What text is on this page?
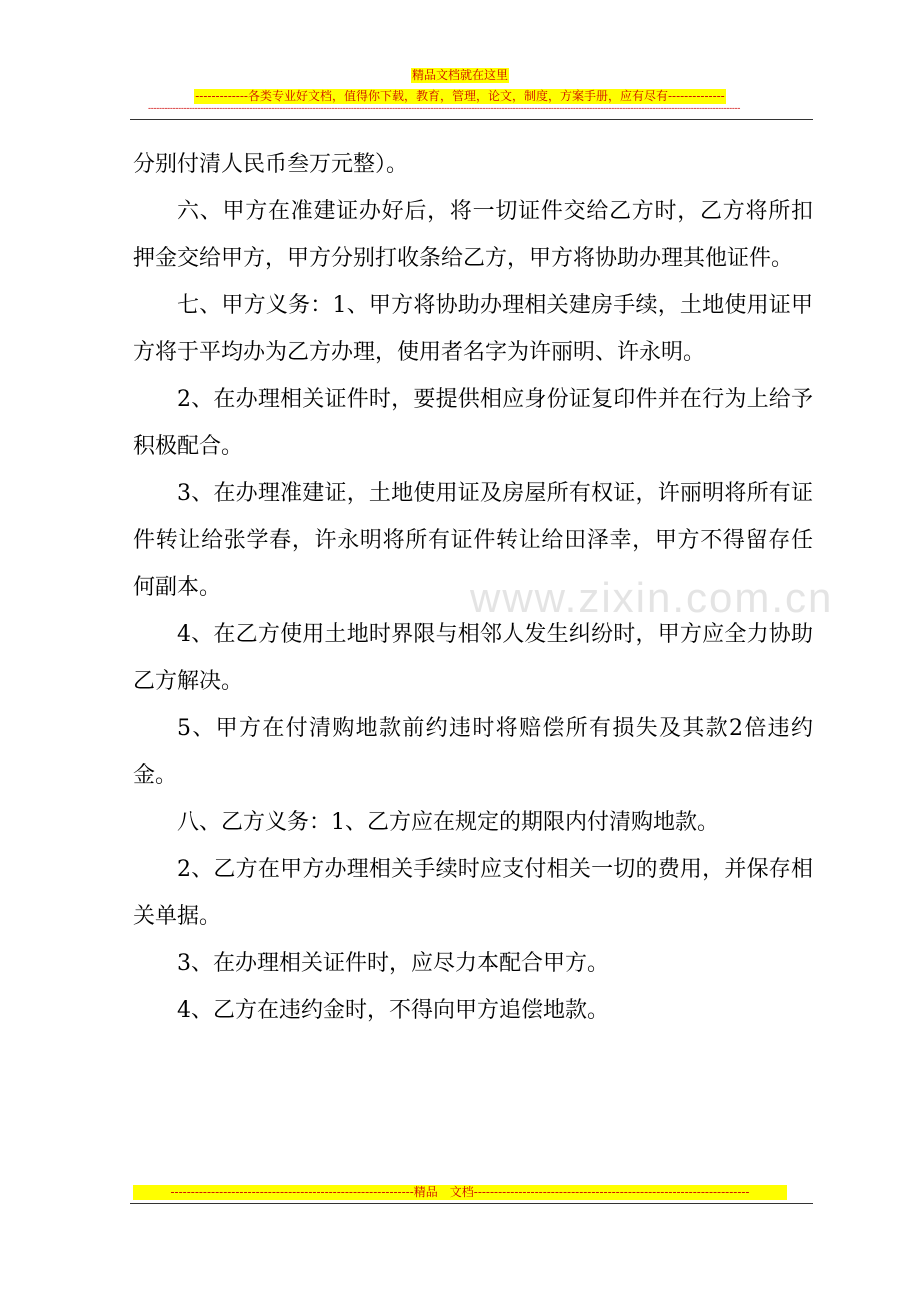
精品文档就在这里
-------------各类专业好文档，值得你下载，教育，管理，论文，制度，方案手册，应有尽有--------------
------------------------------------------------------------------------------------------------------------------------------------------------------------------------------------------------------------------------
www.zixin.com.cn

分别付清人民币叁万元整）。

六、甲方在准建证办好后，将一切证件交给乙方时，乙方将所扣押金交给甲方，甲方分别打收条给乙方，甲方将协助办理其他证件。

七、甲方义务：1、甲方将协助办理相关建房手续，土地使用证甲方将于平均办为乙方办理，使用者名字为许丽明、许永明。

2、在办理相关证件时，要提供相应身份证复印件并在行为上给予积极配合。

3、在办理准建证，土地使用证及房屋所有权证，许丽明将所有证件转让给张学春，许永明将所有证件转让给田泽幸，甲方不得留存任何副本。

4、在乙方使用土地时界限与相邻人发生纠纷时，甲方应全力协助乙方解决。

5、甲方在付清购地款前约违时将赔偿所有损失及其款2倍违约金。

八、乙方义务：1、乙方应在规定的期限内付清购地款。

2、乙方在甲方办理相关手续时应支付相关一切的费用，并保存相关单据。

3、在办理相关证件时，应尽力本配合甲方。

4、乙方在违约金时，不得向甲方追偿地款。

------------------------------------------------------------精品　文档--------------------------------------------------------------------
